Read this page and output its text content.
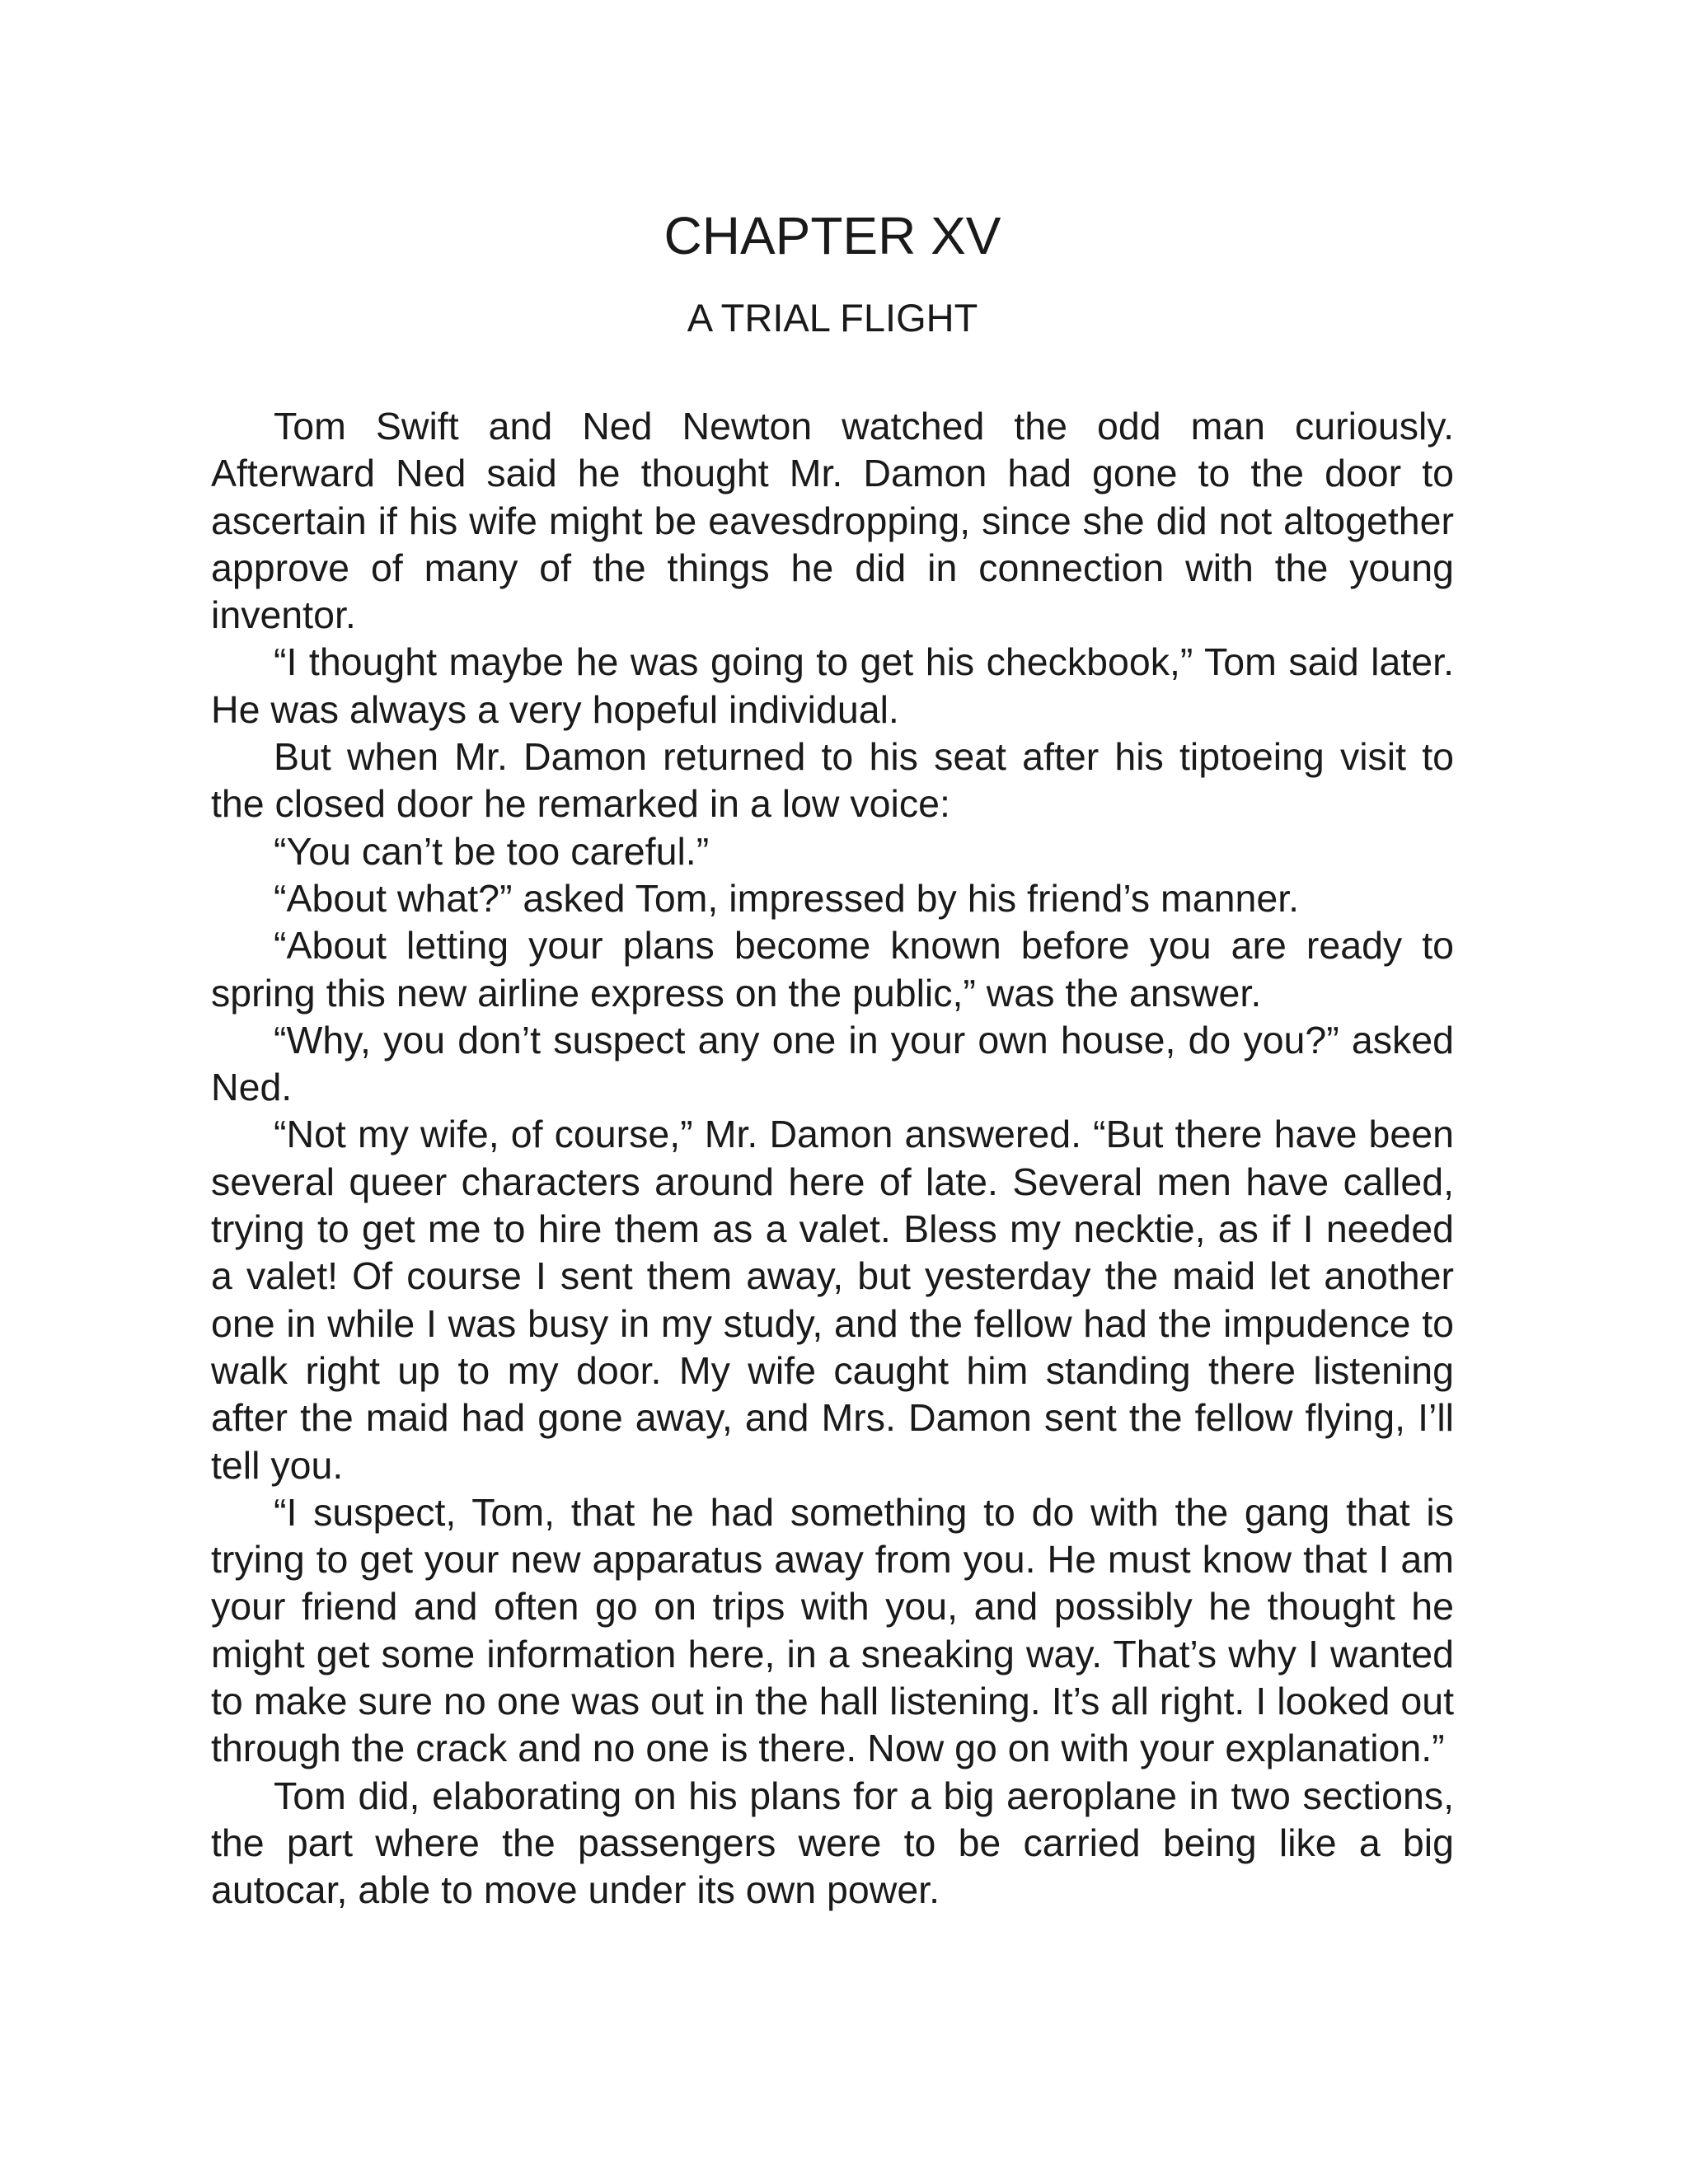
CHAPTER XV
A TRIAL FLIGHT

Tom Swift and Ned Newton watched the odd man curiously. Afterward Ned said he thought Mr. Damon had gone to the door to ascertain if his wife might be eavesdropping, since she did not altogether approve of many of the things he did in connection with the young inventor.

“I thought maybe he was going to get his checkbook,” Tom said later. He was always a very hopeful individual.

But when Mr. Damon returned to his seat after his tiptoeing visit to the closed door he remarked in a low voice:

“You can’t be too careful.”

“About what?” asked Tom, impressed by his friend’s manner.

“About letting your plans become known before you are ready to spring this new airline express on the public,” was the answer.

“Why, you don’t suspect any one in your own house, do you?” asked Ned.

“Not my wife, of course,” Mr. Damon answered. “But there have been several queer characters around here of late. Several men have called, trying to get me to hire them as a valet. Bless my necktie, as if I needed a valet! Of course I sent them away, but yesterday the maid let another one in while I was busy in my study, and the fellow had the impudence to walk right up to my door. My wife caught him standing there listening after the maid had gone away, and Mrs. Damon sent the fellow flying, I’ll tell you.

“I suspect, Tom, that he had something to do with the gang that is trying to get your new apparatus away from you. He must know that I am your friend and often go on trips with you, and possibly he thought he might get some information here, in a sneaking way. That’s why I wanted to make sure no one was out in the hall listening. It’s all right. I looked out through the crack and no one is there. Now go on with your explanation.”

Tom did, elaborating on his plans for a big aeroplane in two sections, the part where the passengers were to be carried being like a big autocar, able to move under its own power.
